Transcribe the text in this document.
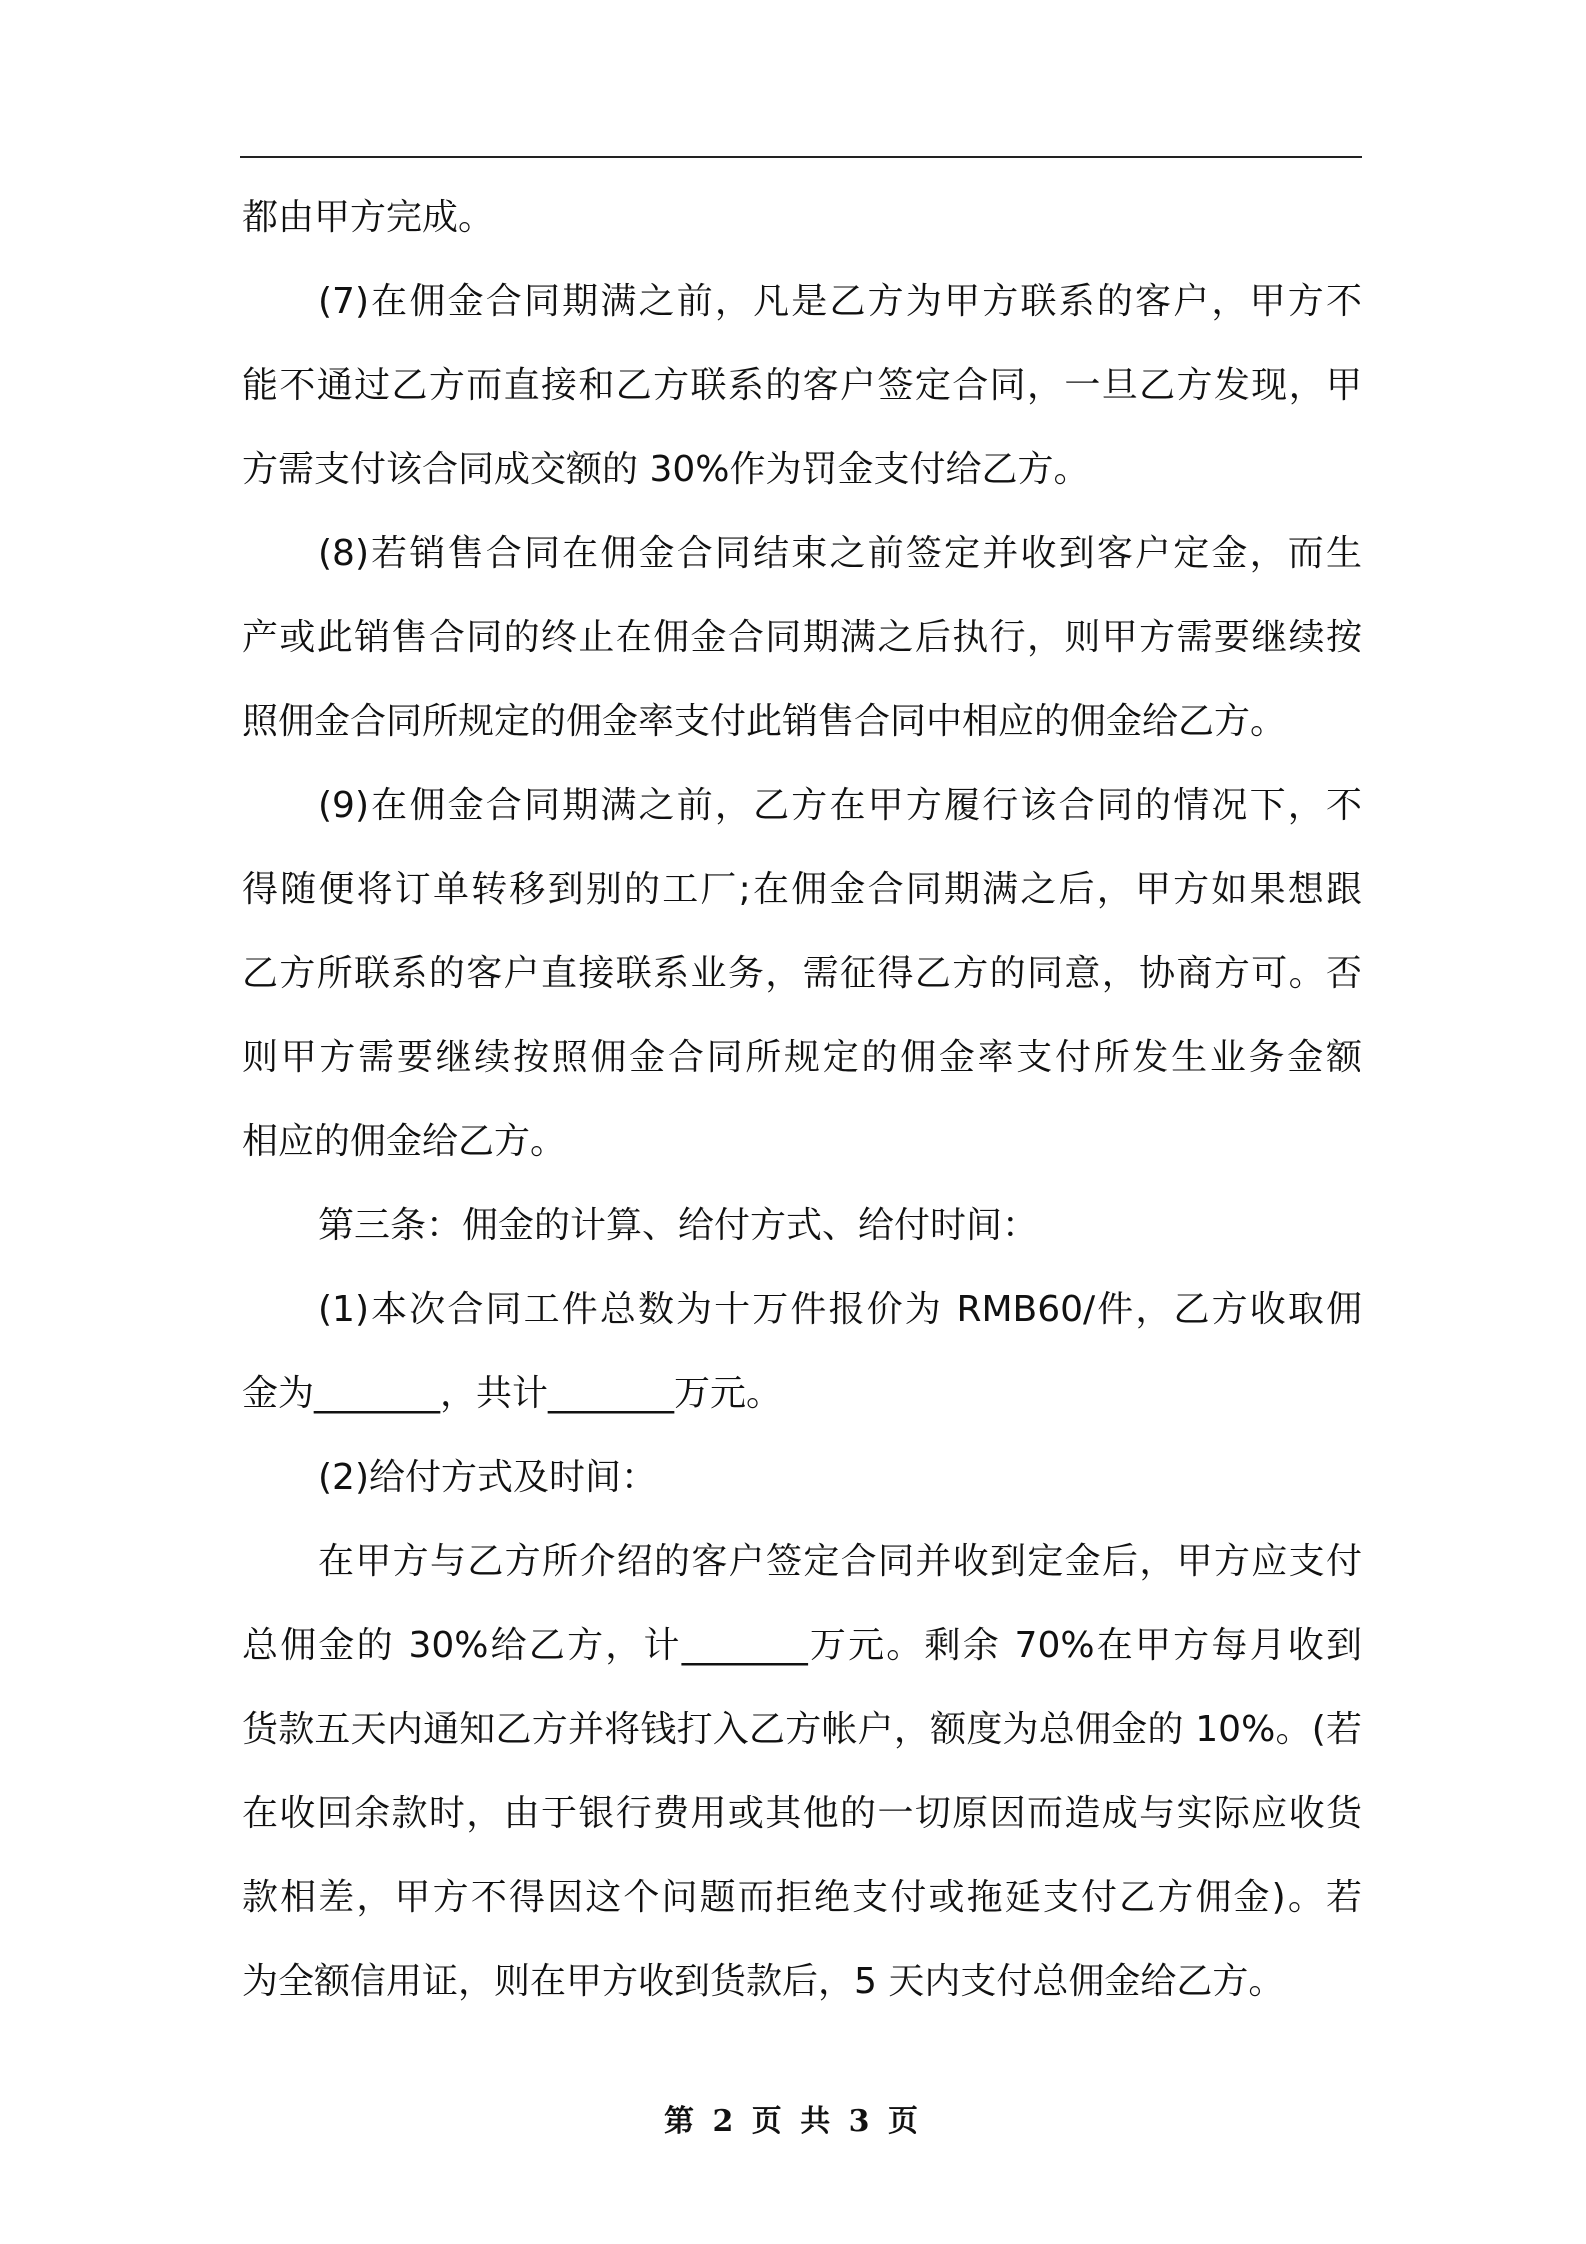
都由甲方完成。
(7)在佣金合同期满之前，凡是乙方为甲方联系的客户，甲方不
能不通过乙方而直接和乙方联系的客户签定合同，一旦乙方发现，甲
方需支付该合同成交额的 30%作为罚金支付给乙方。
(8)若销售合同在佣金合同结束之前签定并收到客户定金，而生
产或此销售合同的终止在佣金合同期满之后执行，则甲方需要继续按
照佣金合同所规定的佣金率支付此销售合同中相应的佣金给乙方。
(9)在佣金合同期满之前，乙方在甲方履行该合同的情况下，不
得随便将订单转移到别的工厂;在佣金合同期满之后，甲方如果想跟
乙方所联系的客户直接联系业务，需征得乙方的同意，协商方可。否
则甲方需要继续按照佣金合同所规定的佣金率支付所发生业务金额
相应的佣金给乙方。
第三条：佣金的计算、给付方式、给付时间：
(1)本次合同工件总数为十万件报价为 RMB60/件，乙方收取佣
金为_______，共计_______万元。
(2)给付方式及时间：
在甲方与乙方所介绍的客户签定合同并收到定金后，甲方应支付
总佣金的 30%给乙方，计_______万元。剩余 70%在甲方每月收到
货款五天内通知乙方并将钱打入乙方帐户，额度为总佣金的 10%。(若
在收回余款时，由于银行费用或其他的一切原因而造成与实际应收货
款相差，甲方不得因这个问题而拒绝支付或拖延支付乙方佣金)。若
为全额信用证，则在甲方收到货款后，5 天内支付总佣金给乙方。
第 2 页 共 3 页
